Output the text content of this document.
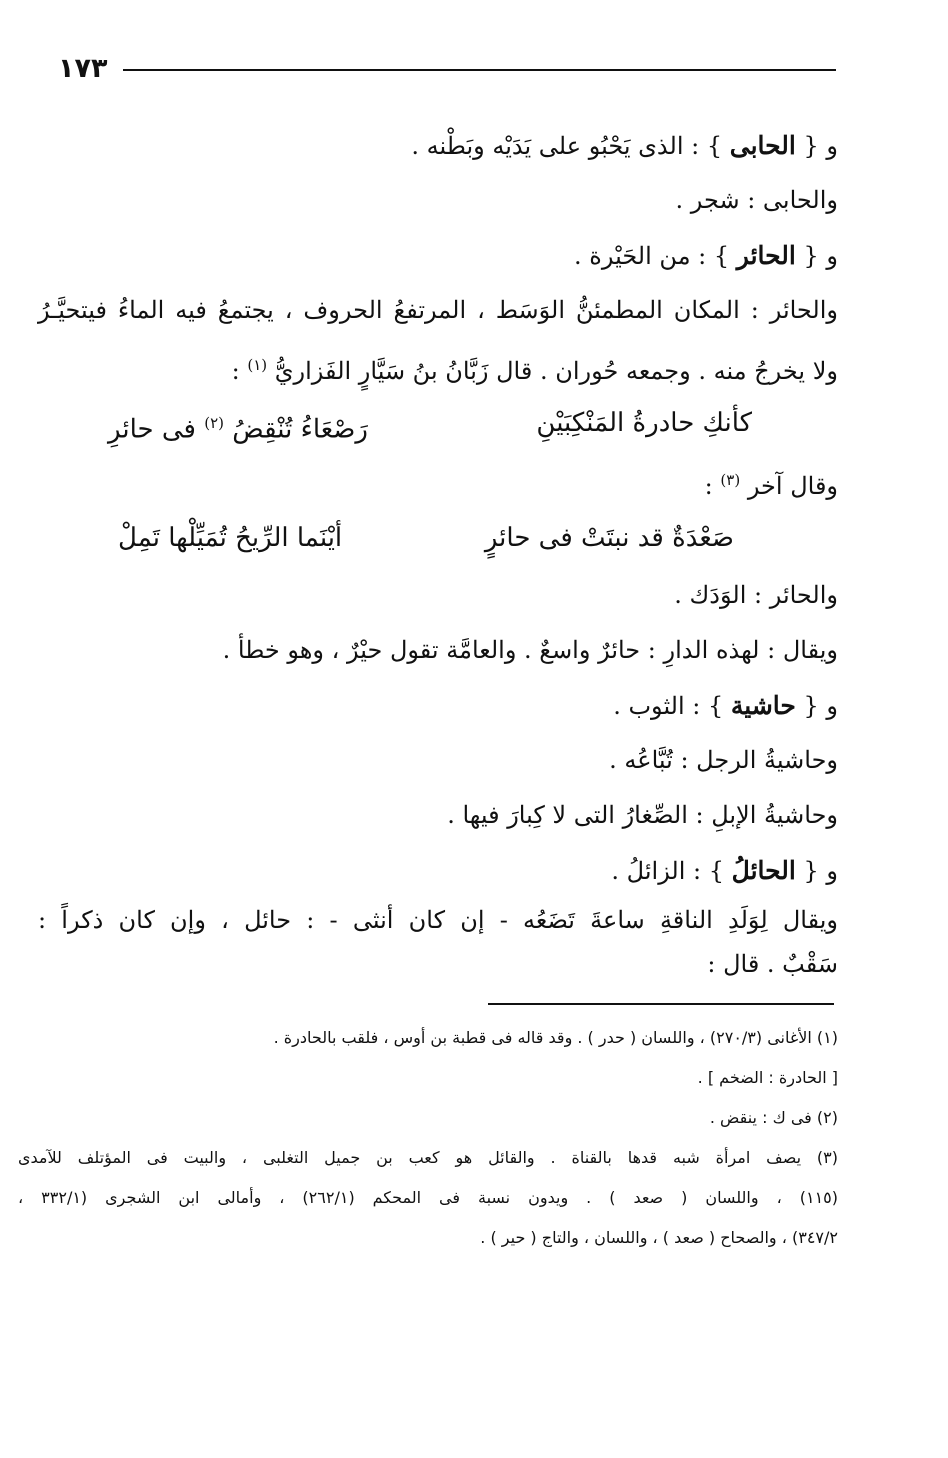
١٧٣
و { الحابى } : الذى يَحْبُو على يَدَيْه وبَطْنه .
والحابى : شجر .
و { الحائر } : من الحَيْرة .
والحائر : المكان المطمئنُّ الوَسَط ، المرتفعُ الحروف ، يجتمعُ فيه الماءُ فيتحيَّـرُ
ولا يخرجُ منه . وجمعه حُوران . قال زَبَّانُ بنُ سَيَّارٍ الفَزاريُّ $^{(١)}$ :
كأنكِ حادرةُ المَنْكِبَيْنِ
رَصْعَاءُ تُنْقِضُ $^{(٢)}$ فى حائرِ
وقال آخر $^{(٣)}$ :
صَعْدَةٌ قد نبتَتْ فى حائرٍ
أيْنَما الرِّيحُ تُمَيِّلْها تَمِلْ
والحائر : الوَدَك .
ويقال : لهذه الدارِ : حائرٌ واسعٌ . والعامَّة تقول حيْرٌ ، وهو خطأ .
و { حاشية } : الثوب .
وحاشيةُ الرجل : تُبَّاعُه .
وحاشيةُ الإبلِ : الصِّغارُ التى لا كِبارَ فيها .
و { الحائلُ } : الزائلُ .
ويقال لِوَلَدِ الناقةِ ساعةَ تَضَعُه - إن كان أنثى - : حائل ، وإن كان ذكراً :
سَقْبٌ . قال :
(١) الأغانى (٢٧٠/٣) ، واللسان ( حدر ) . وقد قاله فى قطبة بن أوس ، فلقب بالحادرة .
[ الحادرة : الضخم ] .
(٢) فى ك : ينقض .
(٣) يصف امرأة شبه قدها بالقناة . والقائل هو كعب بن جميل التغلبى ، والبيت فى المؤتلف للآمدى
(١١٥) ، واللسان ( صعد ) . ويدون نسبة فى المحكم (٢٦٢/١) ، وأمالى ابن الشجرى (٣٣٢/١ ،
٣٤٧/٢) ، والصحاح ( صعد ) ، واللسان ، والتاج ( حير ) .
